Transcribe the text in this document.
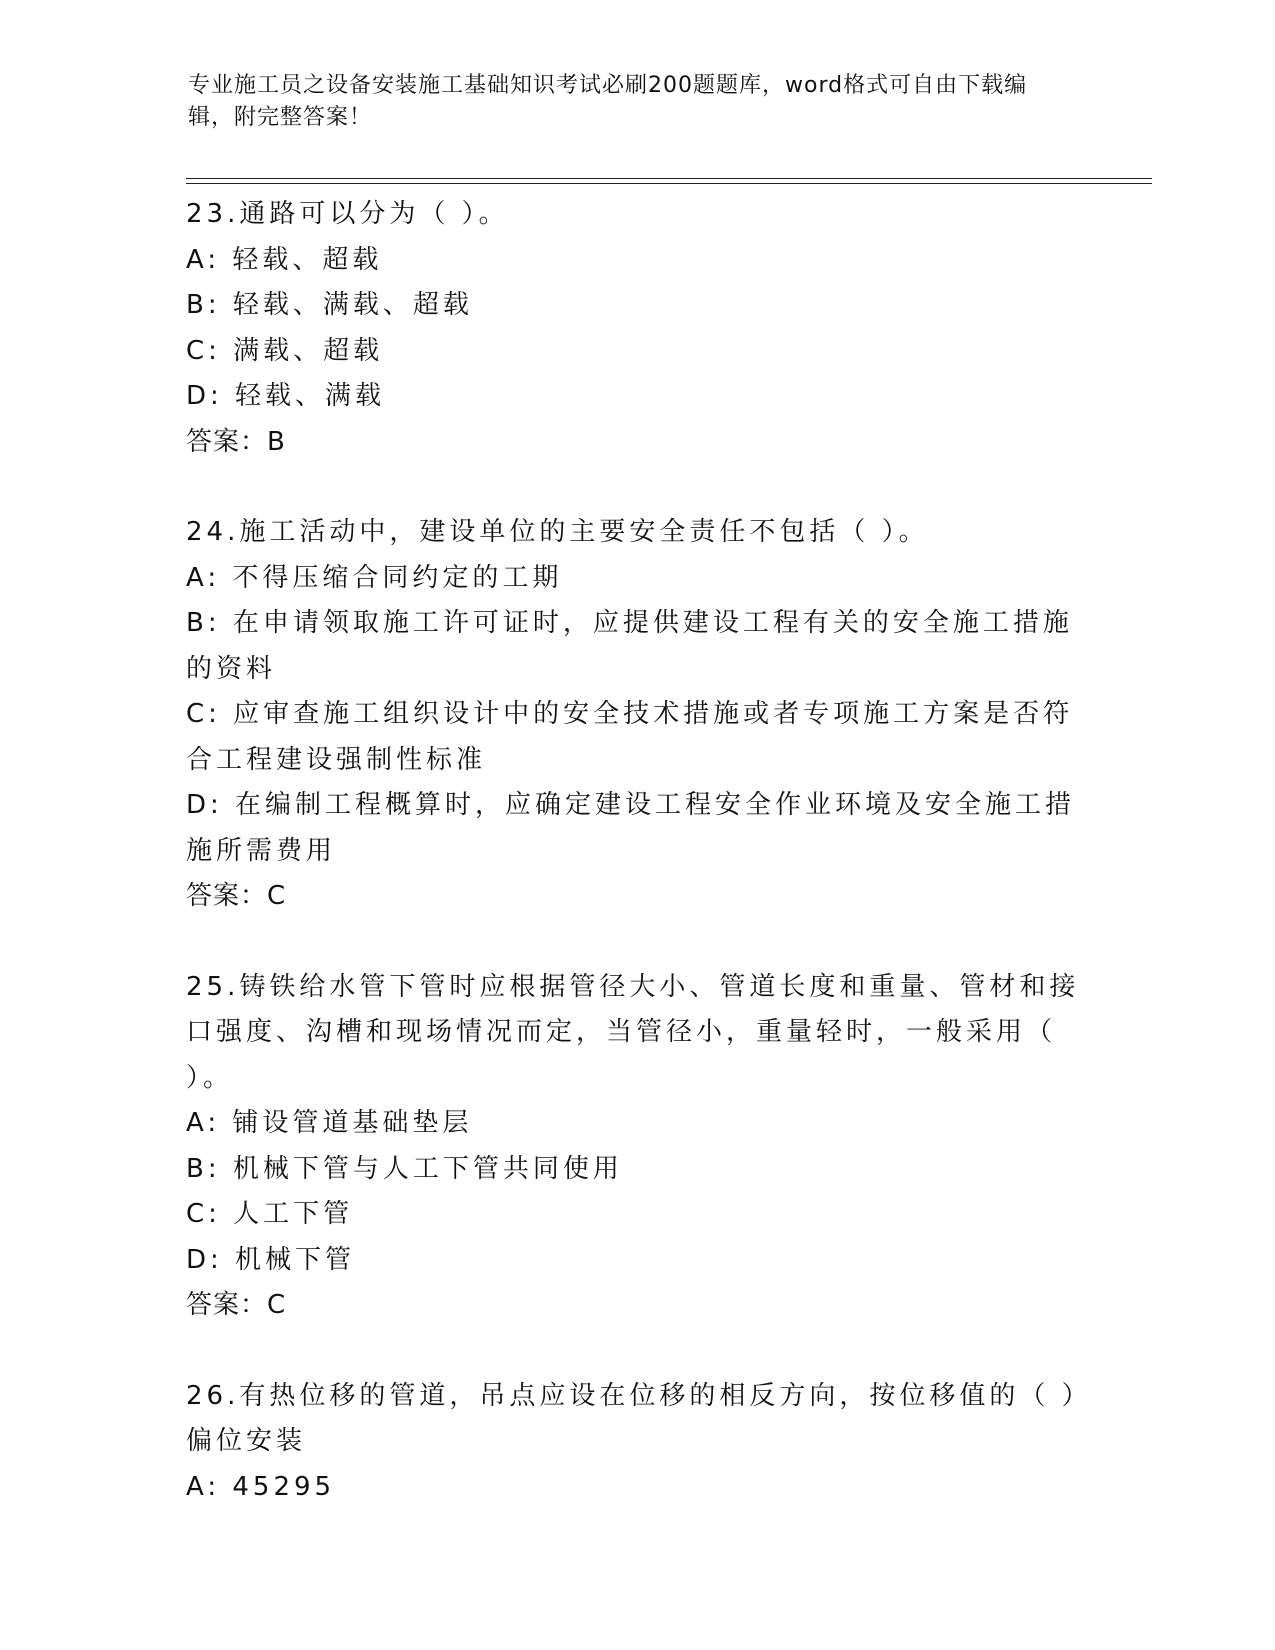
专业施工员之设备安装施工基础知识考试必刷200题题库，word格式可自由下载编辑，附完整答案！
23.通路可以分为（ ）。
A: 轻载、超载
B: 轻载、满载、超载
C: 满载、超载
D: 轻载、满载
答案：B
24.施工活动中，建设单位的主要安全责任不包括（ ）。
A: 不得压缩合同约定的工期
B: 在申请领取施工许可证时，应提供建设工程有关的安全施工措施的资料
C: 应审查施工组织设计中的安全技术措施或者专项施工方案是否符合工程建设强制性标准
D: 在编制工程概算时，应确定建设工程安全作业环境及安全施工措施所需费用
答案：C
25.铸铁给水管下管时应根据管径大小、管道长度和重量、管材和接口强度、沟槽和现场情况而定，当管径小，重量轻时，一般采用（ ）。
A: 铺设管道基础垫层
B: 机械下管与人工下管共同使用
C: 人工下管
D: 机械下管
答案：C
26.有热位移的管道，吊点应设在位移的相反方向，按位移值的（ ）偏位安装
A: 45295
